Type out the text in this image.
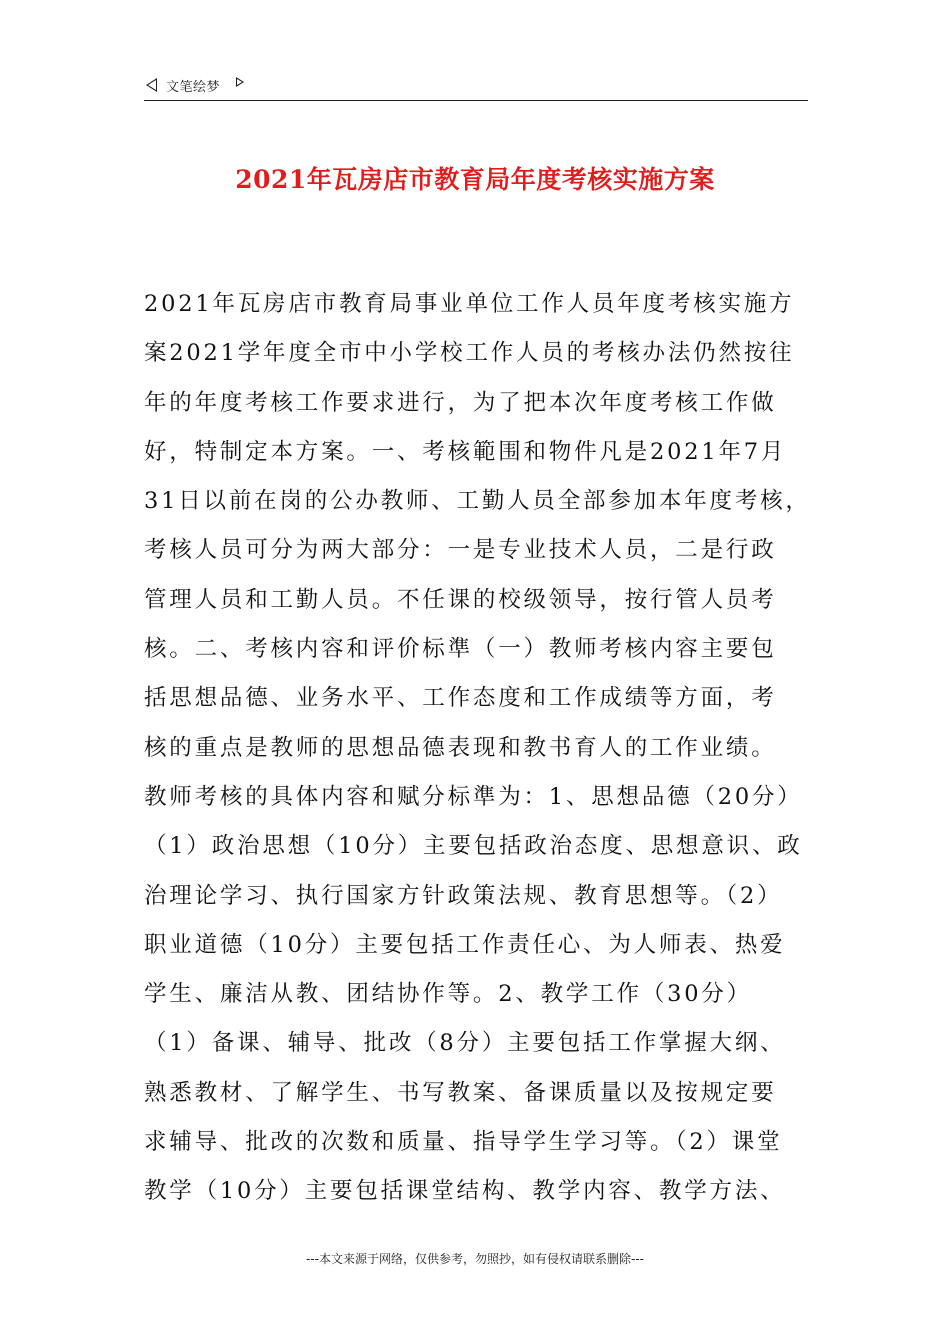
文笔绘梦
2021年瓦房店市教育局年度考核实施方案
2021年瓦房店市教育局事业单位工作人员年度考核实施方
案2021学年度全市中小学校工作人员的考核办法仍然按往
年的年度考核工作要求进行，为了把本次年度考核工作做
好，特制定本方案。一、考核範围和物件凡是2021年7月
31日以前在岗的公办教师、工勤人员全部参加本年度考核，
考核人员可分为两大部分：一是专业技术人员，二是行政
管理人员和工勤人员。不任课的校级领导，按行管人员考
核。二、考核内容和评价标準（一）教师考核内容主要包
括思想品德、业务水平、工作态度和工作成绩等方面，考
核的重点是教师的思想品德表现和教书育人的工作业绩。
教师考核的具体内容和赋分标準为：1、思想品德（20分）
（1）政治思想（10分）主要包括政治态度、思想意识、政
治理论学习、执行国家方针政策法规、教育思想等。（2）
职业道德（10分）主要包括工作责任心、为人师表、热爱
学生、廉洁从教、团结协作等。2、教学工作（30分）
（1）备课、辅导、批改（8分）主要包括工作掌握大纲、
熟悉教材、了解学生、书写教案、备课质量以及按规定要
求辅导、批改的次数和质量、指导学生学习等。（2）课堂
教学（10分）主要包括课堂结构、教学内容、教学方法、
---本文来源于网络，仅供参考，勿照抄，如有侵权请联系删除---
